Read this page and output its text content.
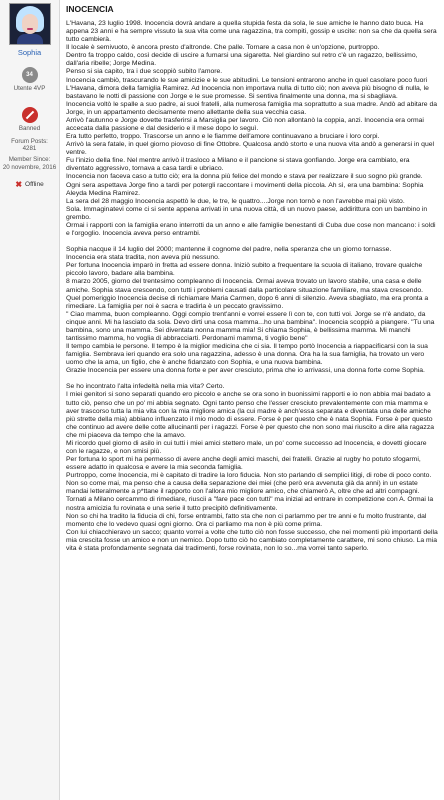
Sophia
34
Utente 4VP
Banned
Forum Posts:
4281
Member Since:
20 novembre, 2016
✖ Offline
INOCENCIA

L'Havana, 23 luglio 1998. Inocencia dovrà andare a quella stupida festa da sola, le sue amiche le hanno dato buca. Ha appena 23 anni e ha sempre vissuto la sua vita come una ragazzina, tra compiti, gossip e uscite: non sa che da quella sera tutto cambierà.

Il locale è semivuoto, è ancora presto d'altronde. Che palle. Tornare a casa non è un'opzione, purtroppo.

Dentro fa troppo caldo, così decide di uscire a fumarsi una sigaretta. Nel giardino sul retro c'è un ragazzo, bellissimo, dall'aria ribelle; Jorge Medina.

Penso si sia capito, tra i due scoppiò subito l'amore.

Inocencia cambiò, trascurando le sue amicizie e le sue abitudini. Le tensioni entrarono anche in quel casolare poco fuori L'Havana, dimora della famiglia Ramirez. Ad Inocencia non importava nulla di tutto ciò; non aveva più bisogno di nulla, le bastavano le notti di passione con Jorge e le sue promesse. Si sentiva finalmente una donna, ma si sbagliava.

Inocencia voltò le spalle a suo padre, ai suoi fratelli, alla numerosa famiglia ma soprattutto a sua madre. Andò ad abitare da Jorge, in un appartamento decisamente meno allettante della sua vecchia casa.

Arrivò l'autunno e Jorge dovette trasferirsi a Marsiglia per lavoro. Ciò non allontanò la coppia, anzi. Inocencia era ormai accecata dalla passione e dal desiderio e il mese dopo lo seguì.

Era tutto perfetto, troppo. Trascorse un anno e le fiamme dell'amore continuavano a bruciare i loro corpi.

Arrivò la sera fatale, in quel giorno piovoso di fine Ottobre. Qualcosa andò storto e una nuova vita andò a generarsi in quel ventre.

Fu l'inizio della fine. Nel mentre arrivò il trasloco a Milano e il pancione si stava gonfiando. Jorge era cambiato, era diventato aggressivo, tornava a casa tardi e ubriaco.

Inocencia non faceva caso a tutto ciò; era la donna più felice del mondo e stava per realizzare il suo sogno più grande. Ogni sera aspettava Jorge fino a tardi per potergli raccontare i movimenti della piccola. Ah sì, era una bambina: Sophia Aleyda Medina Ramirez.

La sera del 28 maggio Inocencia aspettò le due, le tre, le quattro....Jorge non tornò e non l'avrebbe mai più visto.

Sola. Immaginatevi come ci si sente appena arrivati in una nuova città, di un nuovo paese, addirittura con un bambino in grembo.

Ormai i rapporti con la famiglia erano interrotti da un anno e alle famiglie benestanti di Cuba due cose non mancano: i soldi e l'orgoglio. Inocencia aveva perso entrambi.

Sophia nacque il 14 luglio del 2000; mantenne il cognome del padre, nella speranza che un giorno tornasse.

Inocencia era stata tradita, non aveva più nessuno.

Per fortuna Inocencia imparò in fretta ad essere donna. Iniziò subito a frequentare la scuola di italiano, trovare qualche piccolo lavoro, badare alla bambina.

8 marzo 2005, giorno del trentesimo compleanno di Inocencia. Ormai aveva trovato un lavoro stabile, una casa e delle amiche. Sophia stava crescendo, con tutti i problemi causati dalla particolare situazione familiare, ma stava crescendo.

Quel pomeriggio Inocencia decise di richiamare Maria Carmen, dopo 6 anni di silenzio. Aveva sbagliato, ma era pronta a rimediare. La famiglia per noi è sacra e tradirla è un peccato gravissimo.

" Ciao mamma, buon compleanno. Oggi compio trent'anni e vorrei essere lì con te, con tutti voi. Jorge se n'è andato, da cinque anni. Mi ha lasciato da sola. Devo dirti una cosa mamma...ho una bambina". Inocencia scoppiò a piangere. "Tu una bambina, sono una mamma. Sei diventata nonna mamma mia! Si chiama Sophia, è bellissima mamma. Mi manchi tantissimo mamma, ho voglia di abbracciarti. Perdonami mamma, ti voglio bene"

Il tempo cambia le persone. Il tempo è la miglior medicina che ci sia. Il tempo portò Inocencia a riappacificarsi con la sua famiglia. Sembrava ieri quando era solo una ragazzina, adesso è una donna. Ora ha la sua famiglia, ha trovato un vero uomo che la ama, un figlio, che è anche fidanzato con Sophia, e una nuova bambina.

Grazie Inocencia per essere una donna forte e per aver cresciuto, prima che io arrivassi, una donna forte come Sophia.

Se ho incontrato l'alta infedeltà nella mia vita? Certo.

I miei genitori si sono separati quando ero piccolo e anche se ora sono in buonissimi rapporti e io non abbia mai badato a tutto ciò, penso che un po' mi abbia segnato. Ogni tanto penso che l'esser cresciuto prevalentemente con mia mamma e aver trascorso tutta la mia vita con la mia migliore amica (la cui madre è anch'essa separata e diventata una delle amiche più strette della mia) abbiano influenzato il mio modo di essere. Forse è per questo che è nata Sophia. Forse è per questo che continuo ad avere delle cotte allucinanti per i ragazzi. Forse è per questo che non sono mai riuscito a dire alla ragazza che mi piaceva da tempo che la amavo.

Mi ricordo quel giorno di asilo in cui tutti i miei amici stettero male, un po' come successo ad Inocencia, e dovetti giocare con le ragazze, e non smisi più.

Per fortuna lo sport mi ha permesso di avere anche degli amici maschi, dei fratelli. Grazie al rugby ho potuto sfogarmi, essere adatto in qualcosa e avere la mia seconda famiglia.

Purtroppo, come Inocencia, mi è capitato di tradire la loro fiducia. Non sto parlando di semplici litigi, di robe di poco conto. Non so come mai, ma penso che a causa della separazione dei miei (che però era avvenuta già da anni) in un estate mandai letteralmente a p*ttane il rapporto con l'allora mio migliore amico, che chiamerò A, oltre che ad altri compagni. Tornati a Milano cercammo di rimediare, riuscii a "fare pace con tutti" ma iniziai ad entrare in competizione con A. Ormai la nostra amicizia fu rovinata e una serie il tutto precipitò definitivamente.

Non so chi ha tradito la fiducia di chi, forse entrambi, fatto sta che non ci parlammo per tre anni e fu molto frustrante, dal momento che lo vedevo quasi ogni giorno. Ora ci parliamo ma non è più come prima.

Con lui chiacchieravo un sacco; quanto vorrei a volte che tutto ciò non fosse successo, che nei momenti più importanti della mia crescita fosse un amico e non un nemico. Dopo tutto ciò ho cambiato completamente carattere, mi sono chiuso. La mia vita è stata profondamente segnata dai tradimenti, forse rovinata, non lo so...ma vorrei tanto saperlo.
